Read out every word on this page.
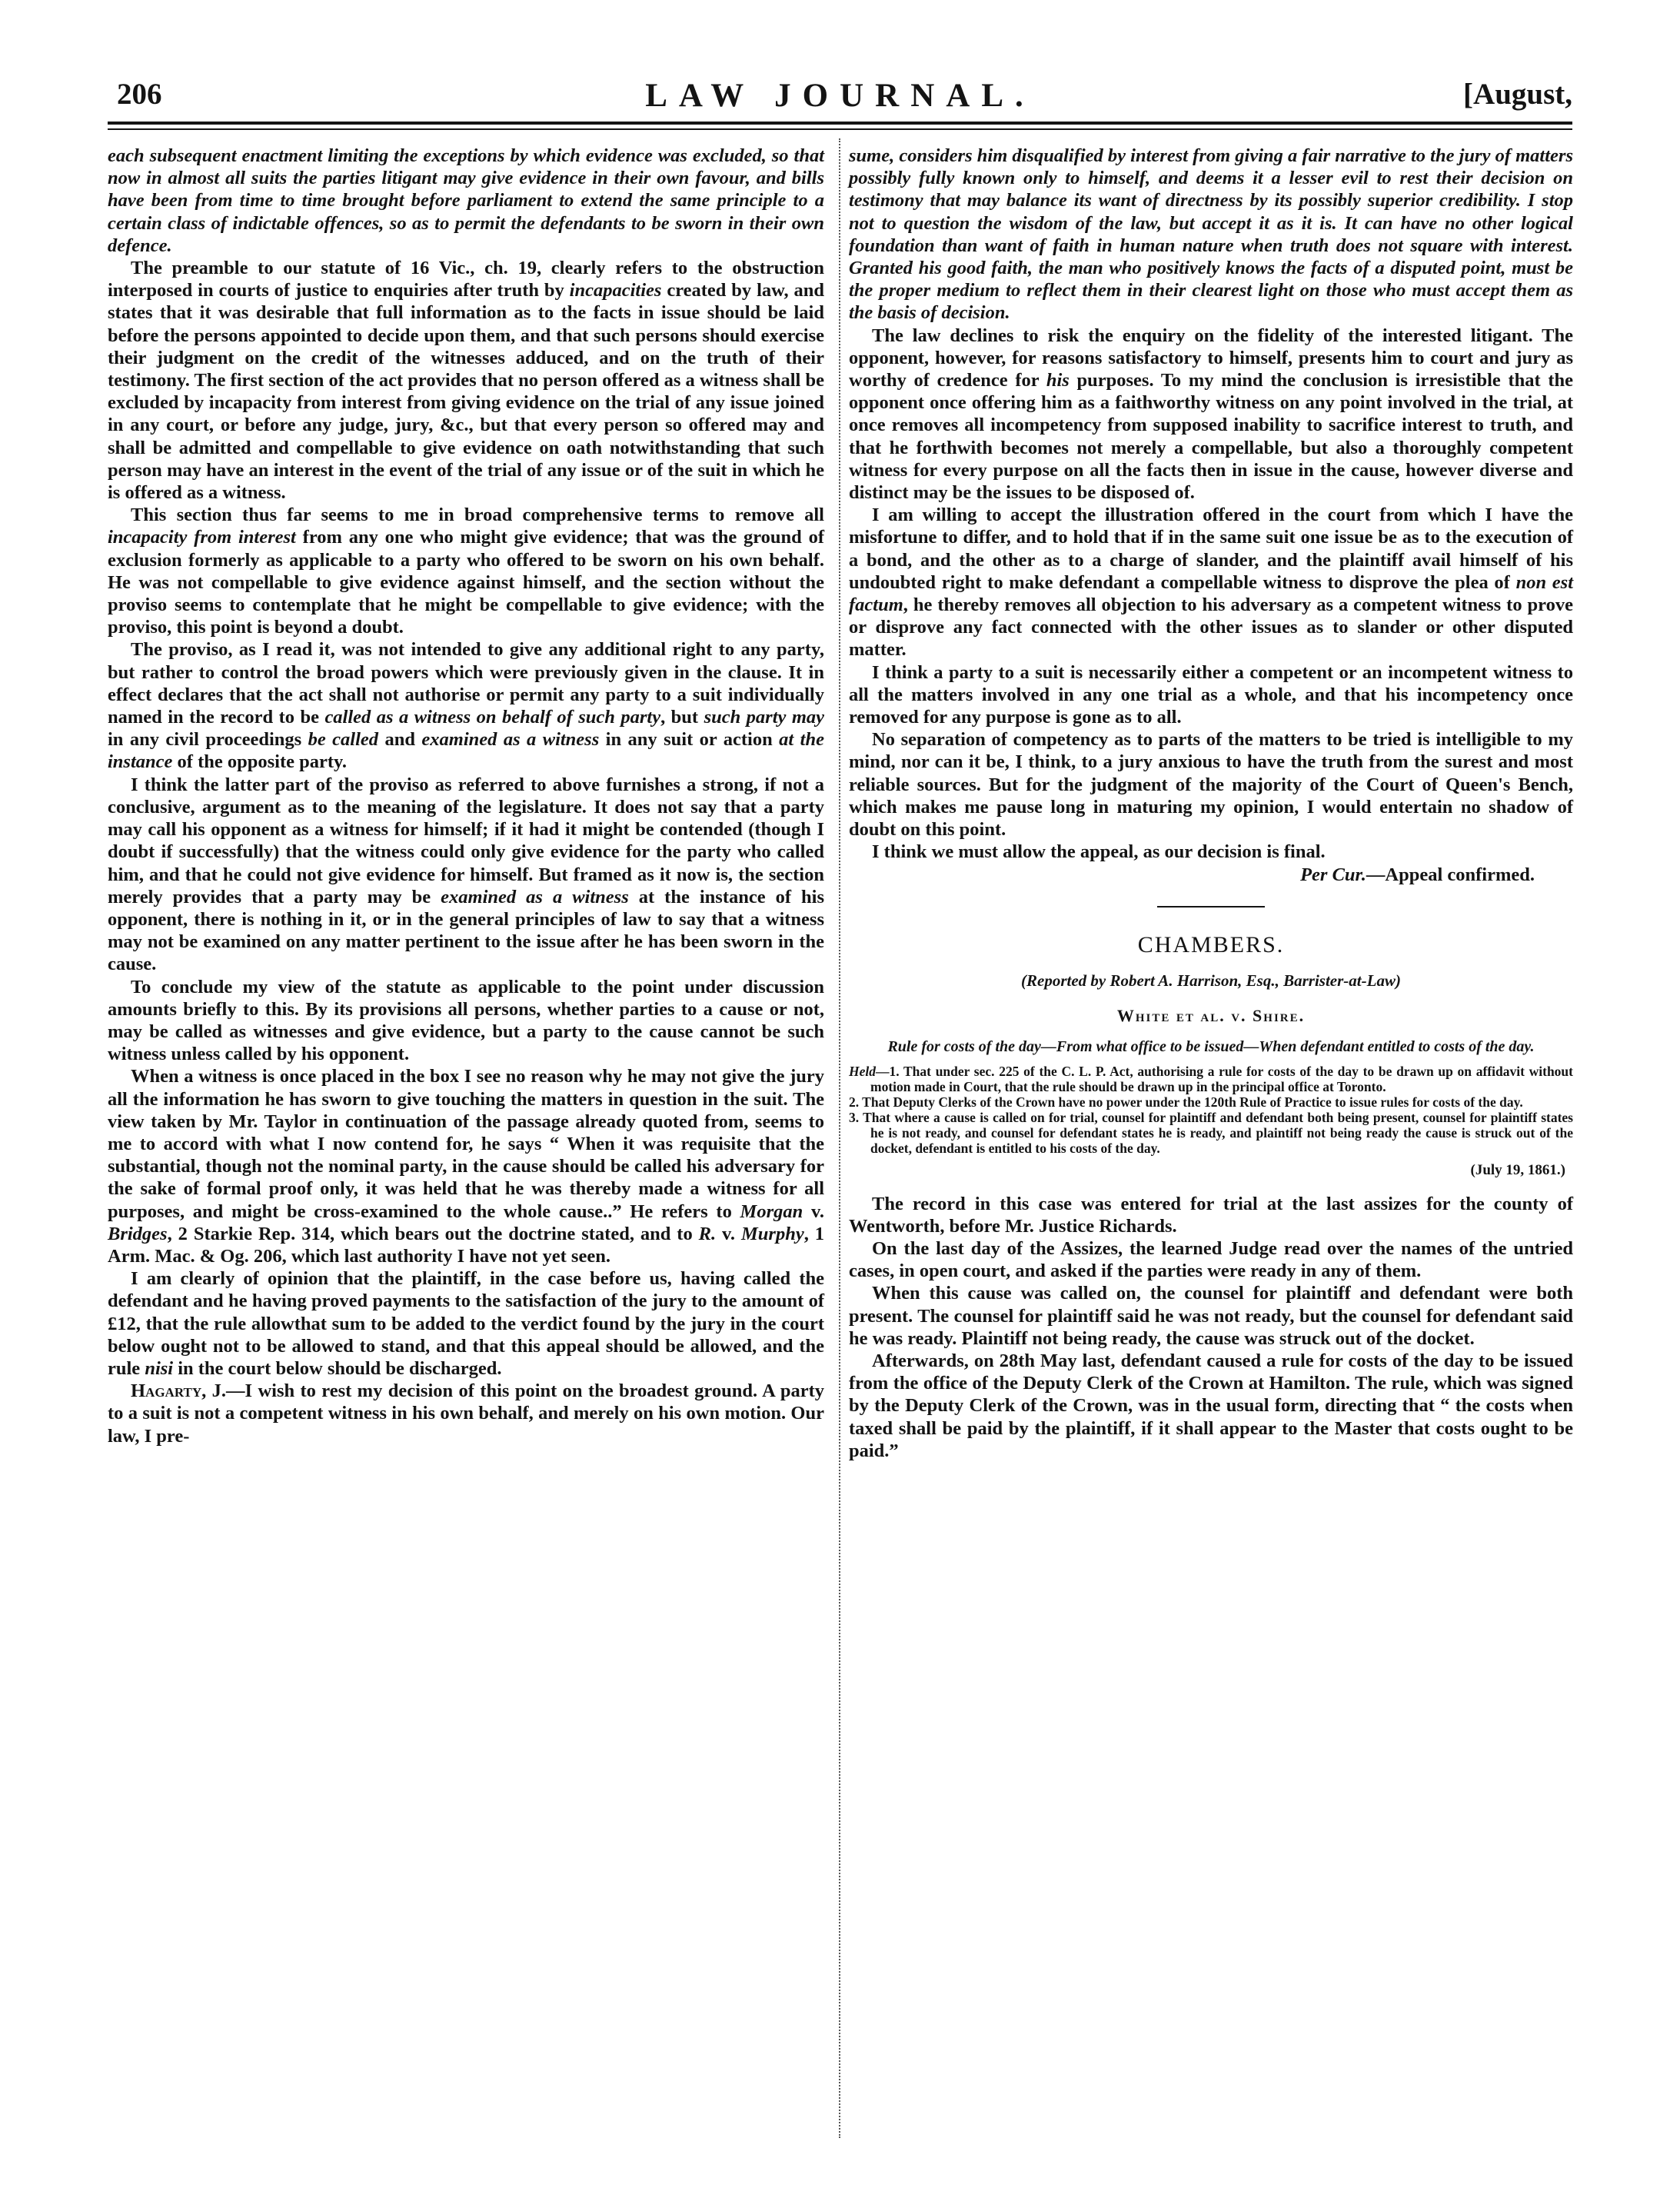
206	LAW JOURNAL.	[August,

each subsequent enactment limiting the exceptions by which evidence was excluded, so that now in almost all suits the parties litigant may give evidence in their own favour, and bills have been from time to time brought before parliament to extend the same principle to a certain class of indictable offences, so as to permit the defendants to be sworn in their own defence.

The preamble to our statute of 16 Vic., ch. 19, clearly refers to the obstruction interposed in courts of justice to enquiries after truth by incapacities created by law, and states that it was desirable that full information as to the facts in issue should be laid before the persons appointed to decide upon them, and that such persons should exercise their judgment on the credit of the witnesses adduced, and on the truth of their testimony. The first section of the act provides that no person offered as a witness shall be excluded by incapacity from interest from giving evidence on the trial of any issue joined in any court, or before any judge, jury, &c., but that every person so offered may and shall be admitted and compellable to give evidence on oath notwithstanding that such person may have an interest in the event of the trial of any issue or of the suit in which he is offered as a witness.

This section thus far seems to me in broad comprehensive terms to remove all incapacity from interest from any one who might give evidence; that was the ground of exclusion formerly as applicable to a party who offered to be sworn on his own behalf. He was not compellable to give evidence against himself, and the section without the proviso seems to contemplate that he might be compellable to give evidence; with the proviso, this point is beyond a doubt.

The proviso, as I read it, was not intended to give any additional right to any party, but rather to control the broad powers which were previously given in the clause. It in effect declares that the act shall not authorise or permit any party to a suit individually named in the record to be called as a witness on behalf of such party, but such party may in any civil proceedings be called and examined as a witness in any suit or action at the instance of the opposite party.

I think the latter part of the proviso as referred to above furnishes a strong, if not a conclusive, argument as to the meaning of the legislature. It does not say that a party may call his opponent as a witness for himself; if it had it might be contended (though I doubt if successfully) that the witness could only give evidence for the party who called him, and that he could not give evidence for himself. But framed as it now is, the section merely provides that a party may be examined as a witness at the instance of his opponent, there is nothing in it, or in the general principles of law to say that a witness may not be examined on any matter pertinent to the issue after he has been sworn in the cause.

To conclude my view of the statute as applicable to the point under discussion amounts briefly to this. By its provisions all persons, whether parties to a cause or not, may be called as witnesses and give evidence, but a party to the cause cannot be such witness unless called by his opponent.

When a witness is once placed in the box I see no reason why he may not give the jury all the information he has sworn to give touching the matters in question in the suit. The view taken by Mr. Taylor in continuation of the passage already quoted from, seems to me to accord with what I now contend for, he says “ When it was requisite that the substantial, though not the nominal party, in the cause should be called his adversary for the sake of formal proof only, it was held that he was thereby made a witness for all purposes, and might be cross-examined to the whole cause..” He refers to Morgan v. Bridges, 2 Starkie Rep. 314, which bears out the doctrine stated, and to R. v. Murphy, 1 Arm. Mac. & Og. 206, which last authority I have not yet seen.

I am clearly of opinion that the plaintiff, in the case before us, having called the defendant and he having proved payments to the satisfaction of the jury to the amount of £12, that the rule allowthat sum to be added to the verdict found by the jury in the court below ought not to be allowed to stand, and that this appeal should be allowed, and the rule nisi in the court below should be discharged.

Hagarty, J.—I wish to rest my decision of this point on the broadest ground. A party to a suit is not a competent witness in his own behalf, and merely on his own motion. Our law, I pre-

sume, considers him disqualified by interest from giving a fair narrative to the jury of matters possibly fully known only to himself, and deems it a lesser evil to rest their decision on testimony that may balance its want of directness by its possibly superior credibility. I stop not to question the wisdom of the law, but accept it as it is. It can have no other logical foundation than want of faith in human nature when truth does not square with interest. Granted his good faith, the man who positively knows the facts of a disputed point, must be the proper medium to reflect them in their clearest light on those who must accept them as the basis of decision.

The law declines to risk the enquiry on the fidelity of the interested litigant. The opponent, however, for reasons satisfactory to himself, presents him to court and jury as worthy of credence for his purposes. To my mind the conclusion is irresistible that the opponent once offering him as a faithworthy witness on any point involved in the trial, at once removes all incompetency from supposed inability to sacrifice interest to truth, and that he forthwith becomes not merely a compellable, but also a thoroughly competent witness for every purpose on all the facts then in issue in the cause, however diverse and distinct may be the issues to be disposed of.

I am willing to accept the illustration offered in the court from which I have the misfortune to differ, and to hold that if in the same suit one issue be as to the execution of a bond, and the other as to a charge of slander, and the plaintiff avail himself of his undoubted right to make defendant a compellable witness to disprove the plea of non est factum, he thereby removes all objection to his adversary as a competent witness to prove or disprove any fact connected with the other issues as to slander or other disputed matter.

I think a party to a suit is necessarily either a competent or an incompetent witness to all the matters involved in any one trial as a whole, and that his incompetency once removed for any purpose is gone as to all.

No separation of competency as to parts of the matters to be tried is intelligible to my mind, nor can it be, I think, to a jury anxious to have the truth from the surest and most reliable sources. But for the judgment of the majority of the Court of Queen's Bench, which makes me pause long in maturing my opinion, I would entertain no shadow of doubt on this point.

I think we must allow the appeal, as our decision is final.

Per Cur.—Appeal confirmed.

CHAMBERS.
(Reported by Robert A. Harrison, Esq., Barrister-at-Law)
White et al. v. Shire.
Rule for costs of the day—From what office to be issued—When defendant entitled to costs of the day.

Held—1. That under sec. 225 of the C. L. P. Act, authorising a rule for costs of the day to be drawn up on affidavit without motion made in Court, that the rule should be drawn up in the principal office at Toronto.

2. That Deputy Clerks of the Crown have no power under the 120th Rule of Practice to issue rules for costs of the day.

3. That where a cause is called on for trial, counsel for plaintiff and defendant both being present, counsel for plaintiff states he is not ready, and counsel for defendant states he is ready, and plaintiff not being ready the cause is struck out of the docket, defendant is entitled to his costs of the day.

(July 19, 1861.)

The record in this case was entered for trial at the last assizes for the county of Wentworth, before Mr. Justice Richards.

On the last day of the Assizes, the learned Judge read over the names of the untried cases, in open court, and asked if the parties were ready in any of them.

When this cause was called on, the counsel for plaintiff and defendant were both present. The counsel for plaintiff said he was not ready, but the counsel for defendant said he was ready. Plaintiff not being ready, the cause was struck out of the docket.

Afterwards, on 28th May last, defendant caused a rule for costs of the day to be issued from the office of the Deputy Clerk of the Crown at Hamilton. The rule, which was signed by the Deputy Clerk of the Crown, was in the usual form, directing that “ the costs when taxed shall be paid by the plaintiff, if it shall appear to the Master that costs ought to be paid.”
